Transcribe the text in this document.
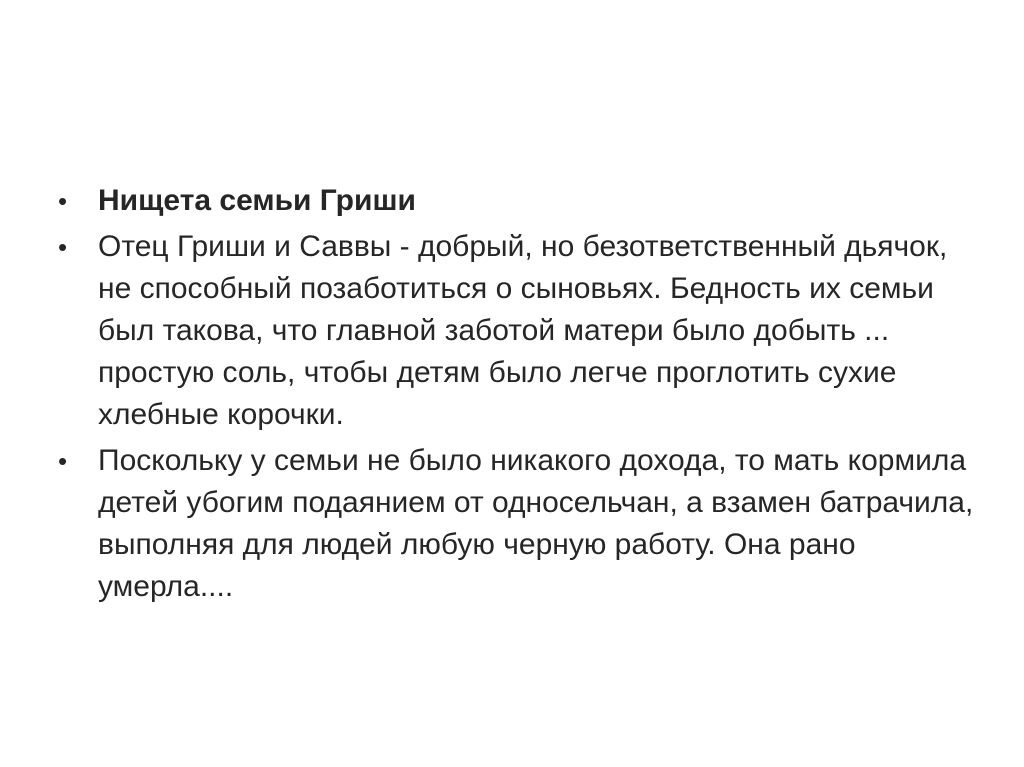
•	Нищета семьи Гриши
•	Отец Гриши и Саввы - добрый, но безответственный дьячок, не способный позаботиться о сыновьях. Бедность их семьи был такова, что главной заботой матери было добыть ... простую соль, чтобы детям было легче проглотить сухие хлебные корочки.
•	Поскольку у семьи не было никакого дохода, то мать кормила детей убогим подаянием от односельчан, а взамен батрачила, выполняя для людей любую черную работу. Она рано умерла....
